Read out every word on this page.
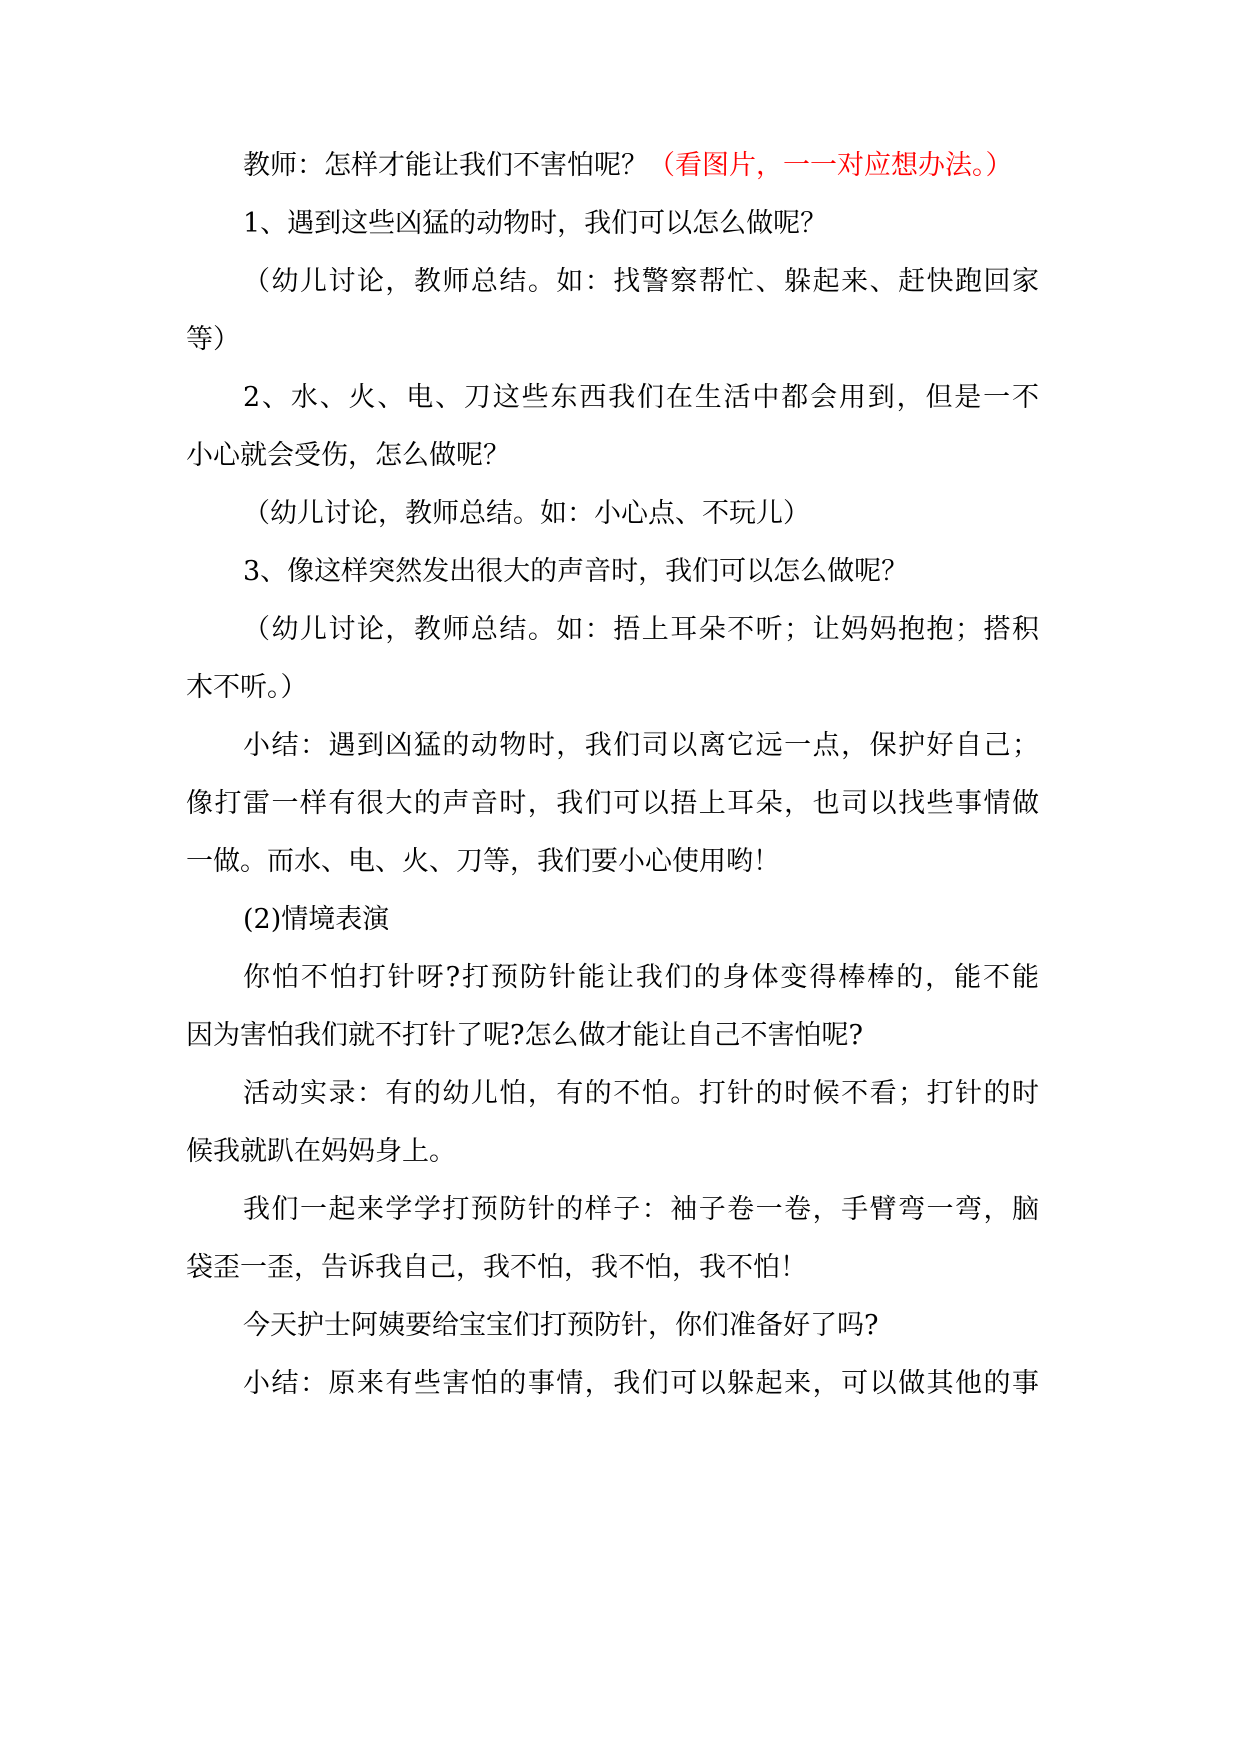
教师：怎样才能让我们不害怕呢？（看图片，一一对应想办法。）
1、遇到这些凶猛的动物时，我们可以怎么做呢？
（幼儿讨论，教师总结。如：找警察帮忙、躲起来、赶快跑回家
等）
2、水、火、电、刀这些东西我们在生活中都会用到，但是一不
小心就会受伤，怎么做呢？
（幼儿讨论，教师总结。如：小心点、不玩儿）
3、像这样突然发出很大的声音时，我们可以怎么做呢？
（幼儿讨论，教师总结。如：捂上耳朵不听；让妈妈抱抱；搭积
木不听。）
小结：遇到凶猛的动物时，我们司以离它远一点，保护好自己；
像打雷一样有很大的声音时，我们可以捂上耳朵，也司以找些事情做
一做。而水、电、火、刀等，我们要小心使用哟！
(2)情境表演
你怕不怕打针呀?打预防针能让我们的身体变得棒棒的，能不能
因为害怕我们就不打针了呢?怎么做才能让自己不害怕呢?
活动实录：有的幼儿怕，有的不怕。打针的时候不看；打针的时
候我就趴在妈妈身上。
我们一起来学学打预防针的样子：袖子卷一卷，手臂弯一弯，脑
袋歪一歪，告诉我自己，我不怕，我不怕，我不怕！
今天护士阿姨要给宝宝们打预防针，你们准备好了吗?
小结：原来有些害怕的事情，我们可以躲起来，可以做其他的事
